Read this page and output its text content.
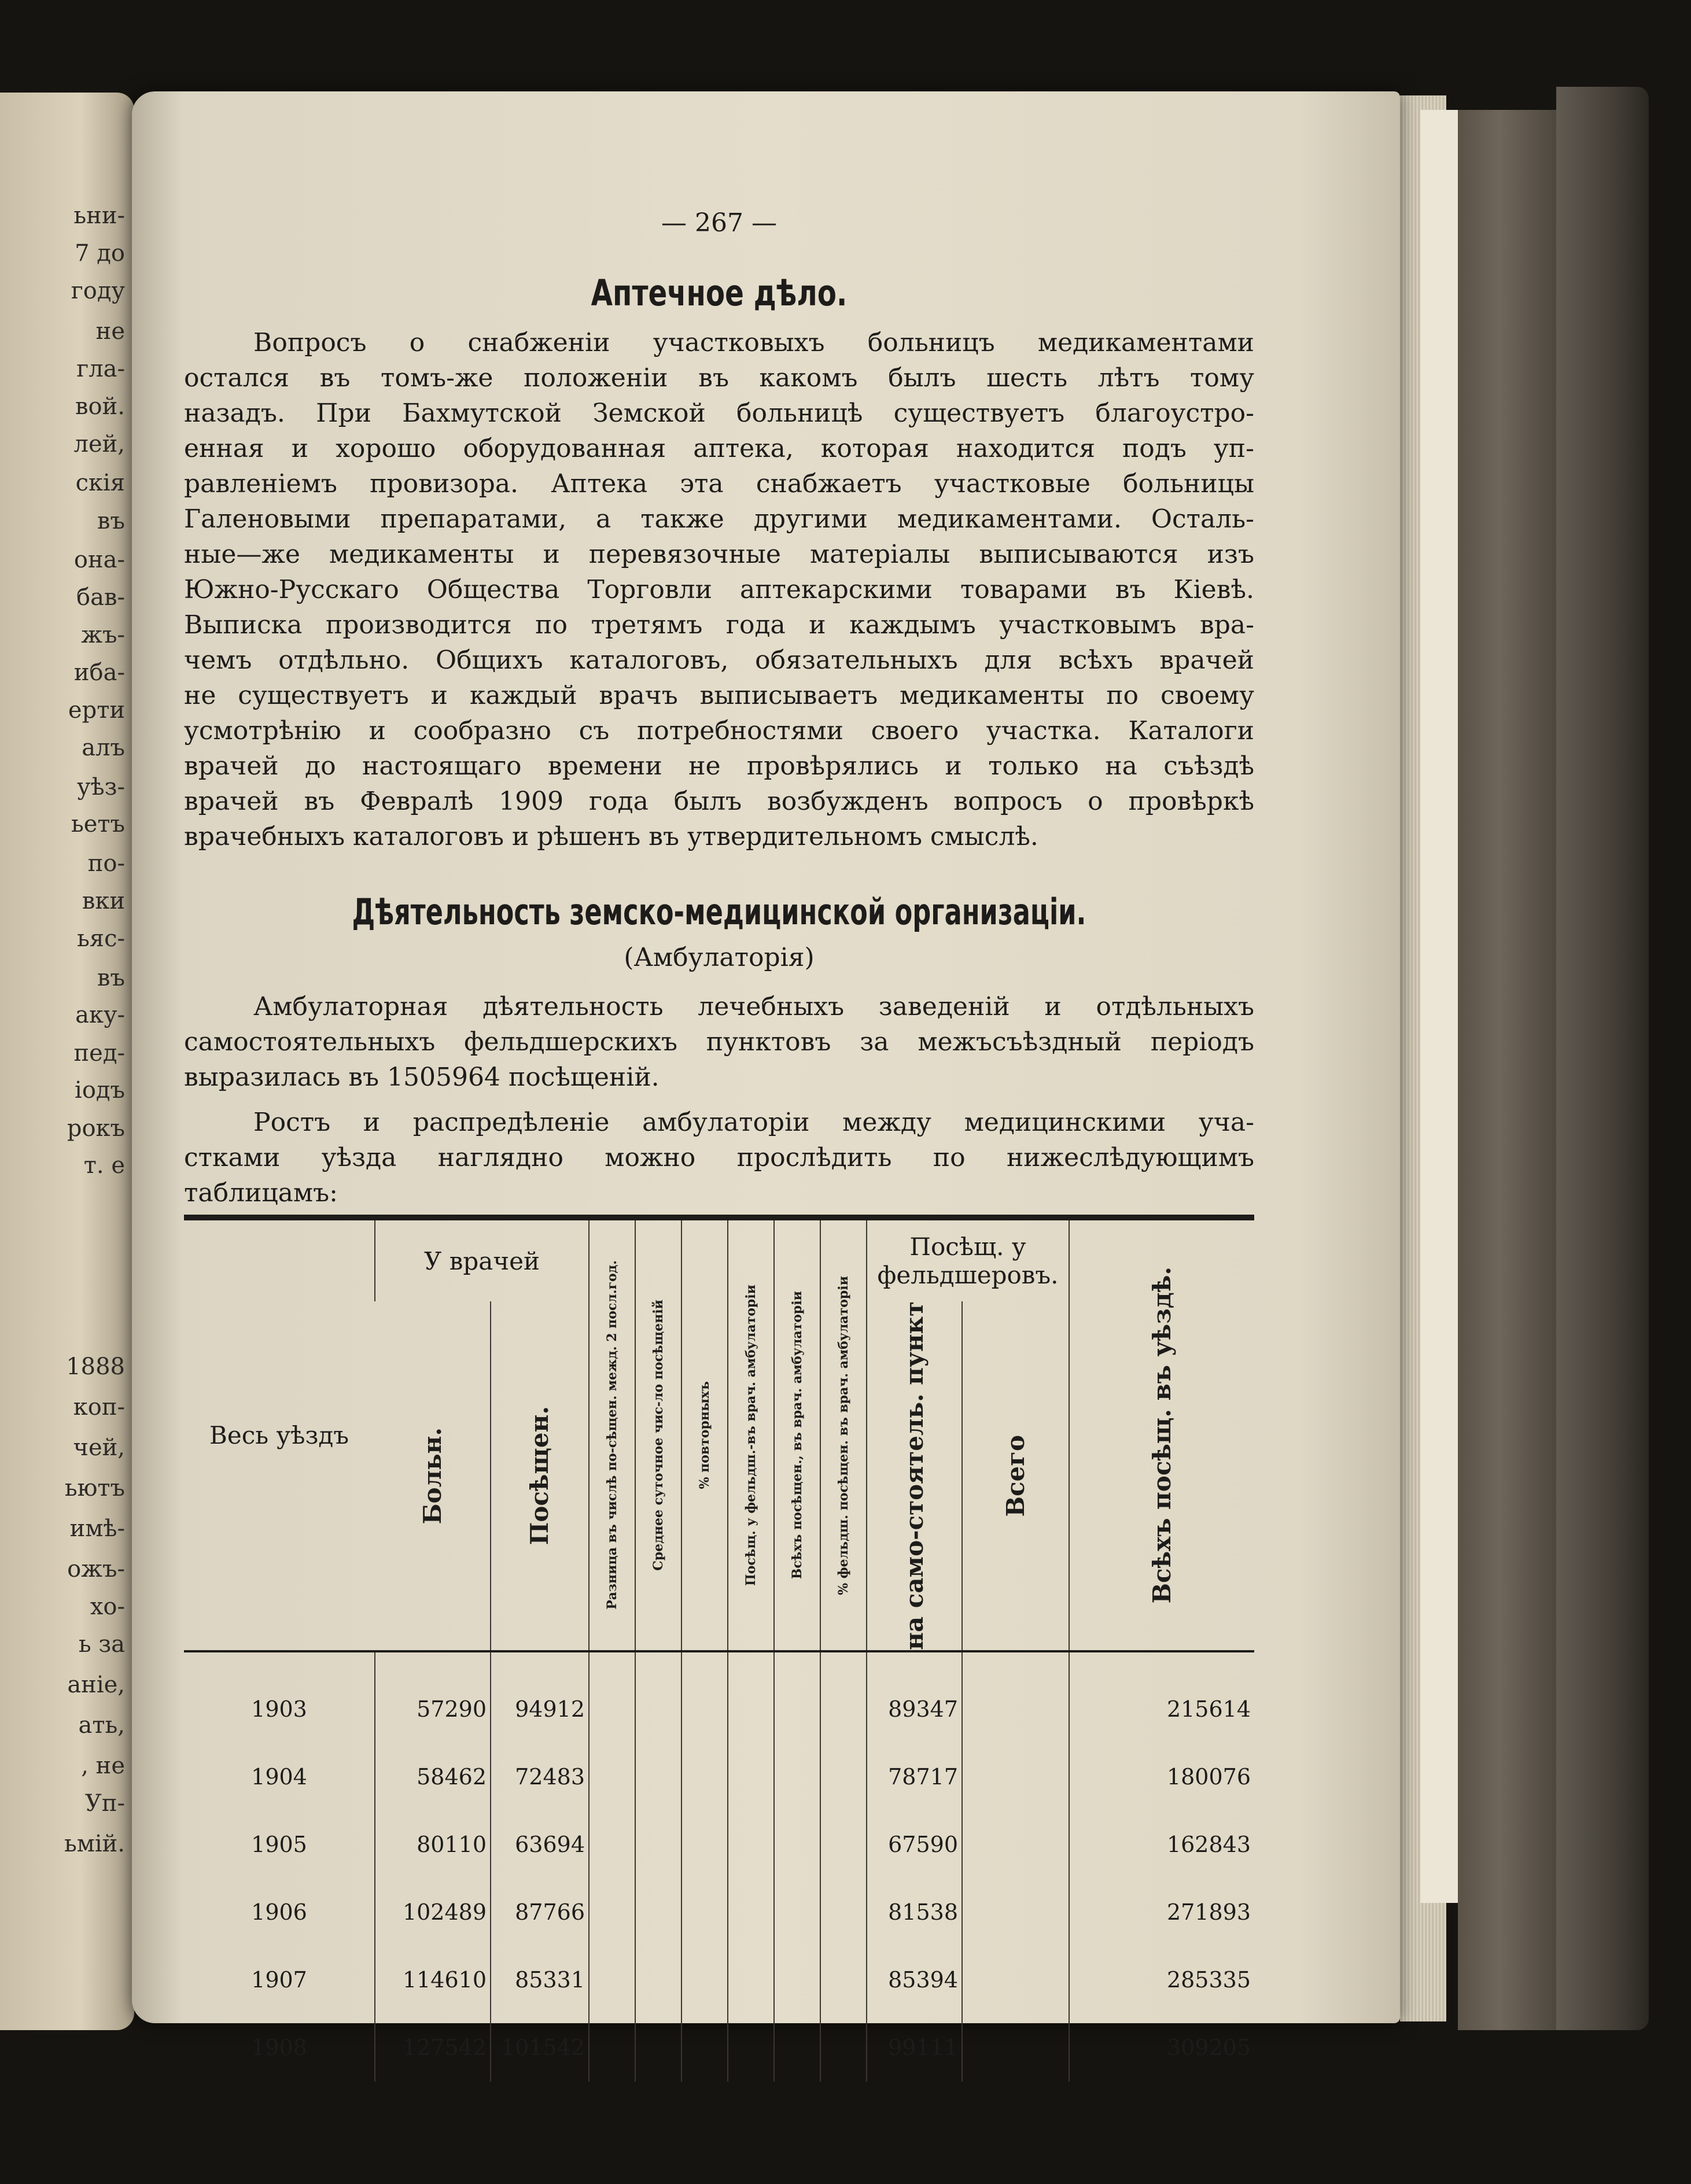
ьни-
7 до
году
не
гла-
вой.
лей,
скія
въ
она-
бав-
жъ-
иба-
ерти
алъ
уѣз-
ьетъ
по-
вки
ьяс-
въ
аку-
пед-
іодъ
рокъ
т. е
1888
коп-
чей,
ьютъ
имѣ-
ожъ-
хо-
ь за
аніе,
ать,
, не
Уп-
ьмій.
— 267 —
Аптечное дѣло.
Вопросъ о снабженіи участковыхъ больницъ медикаментами
остался въ томъ-же положеніи въ какомъ былъ шесть лѣтъ тому
назадъ. При Бахмутской Земской больницѣ существуетъ благоустро-
енная и хорошо оборудованная аптека, которая находится подъ уп-
равленіемъ провизора. Аптека эта снабжаетъ участковые больницы
Галеновыми препаратами, а также другими медикаментами. Осталь-
ные—же медикаменты и перевязочные матеріалы выписываются изъ
Южно-Русскаго Общества Торговли аптекарскими товарами въ Кіевѣ.
Выписка производится по третямъ года и каждымъ участковымъ вра-
чемъ отдѣльно. Общихъ каталоговъ, обязательныхъ для всѣхъ врачей
не существуетъ и каждый врачъ выписываетъ медикаменты по своему
усмотрѣнію и сообразно съ потребностями своего участка. Каталоги
врачей до настоящаго времени не провѣрялись и только на съѣздѣ
врачей въ Февралѣ 1909 года былъ возбужденъ вопросъ о провѣркѣ
врачебныхъ каталоговъ и рѣшенъ въ утвердительномъ смыслѣ.
Дѣятельность земско-медицинской организаціи.
(Амбулаторія)
Амбулаторная дѣятельность лечебныхъ заведеній и отдѣльныхъ
самостоятельныхъ фельдшерскихъ пунктовъ за межъсъѣздный періодъ
выразилась въ 1505964 посѣщеній.
Ростъ и распредѣленіе амбулаторіи между медицинскими уча-
стками уѣзда наглядно можно прослѣдить по нижеслѣдующимъ
таблицамъ:
Весь уѣздъ	У врачей		Разница въ числѣ по-сѣщен. межд. 2 посл.год.	Среднее суточное чис-ло посѣщеній	% повторныхъ	Посѣщ. у фельдш.-въ врач. амбулаторіи	Всѣхъ посѣщен., въ врач. амбулаторіи	% фельдш. посѣщен. въ врач. амбулаторіи	Посѣщ. у фельдшеровъ.		Всѣхъ посѣщ. въ уѣздѣ.

	Больн.	Посѣщен.							на само-стоятель. пункт	Всего	

1903	57290	94912							89347		215614
1904	58462	72483							78717		180076
1905	80110	63694							67590		162843
1906	102489	87766							81538		271893
1907	114610	85331							85394		285335
1908	127542	101542							99111		309205
